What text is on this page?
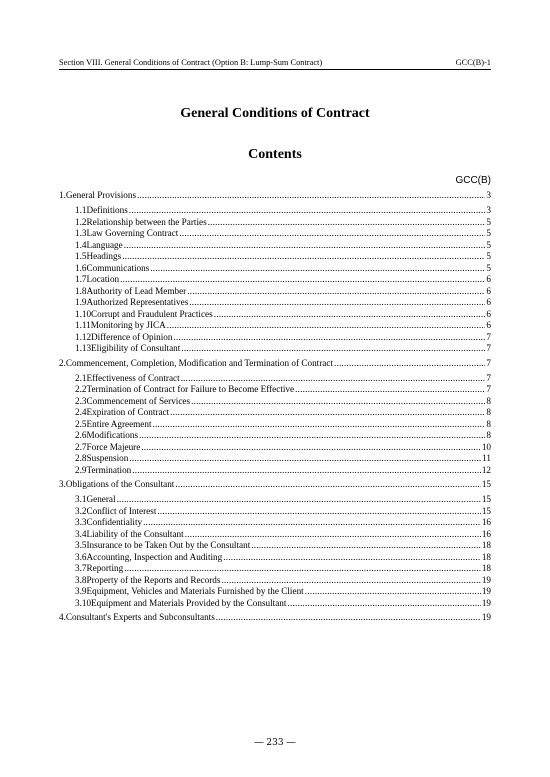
Section VIII. General Conditions of Contract (Option B: Lump-Sum Contract)	GCC(B)-1
General Conditions of Contract
Contents
GCC(B)
1. General Provisions .....	3
1.1 Definitions .....	3
1.2 Relationship between the Parties .....	5
1.3 Law Governing Contract .....	5
1.4 Language .....	5
1.5 Headings .....	5
1.6 Communications .....	5
1.7 Location .....	6
1.8 Authority of Lead Member .....	6
1.9 Authorized Representatives .....	6
1.10 Corrupt and Fraudulent Practices .....	6
1.11 Monitoring by JICA .....	6
1.12 Difference of Opinion .....	7
1.13 Eligibility of Consultant .....	7
2. Commencement, Completion, Modification and Termination of Contract .....	7
2.1 Effectiveness of Contract .....	7
2.2 Termination of Contract for Failure to Become Effective .....	7
2.3 Commencement of Services .....	8
2.4 Expiration of Contract .....	8
2.5 Entire Agreement .....	8
2.6 Modifications .....	8
2.7 Force Majeure .....	10
2.8 Suspension .....	11
2.9 Termination .....	12
3. Obligations of the Consultant .....	15
3.1 General .....	15
3.2 Conflict of Interest .....	15
3.3 Confidentiality .....	16
3.4 Liability of the Consultant .....	16
3.5 Insurance to be Taken Out by the Consultant .....	18
3.6 Accounting, Inspection and Auditing .....	18
3.7 Reporting .....	18
3.8 Property of the Reports and Records .....	19
3.9 Equipment, Vehicles and Materials Furnished by the Client .....	19
3.10 Equipment and Materials Provided by the Consultant .....	19
4. Consultant's Experts and Subconsultants .....	19
― 233 ―
